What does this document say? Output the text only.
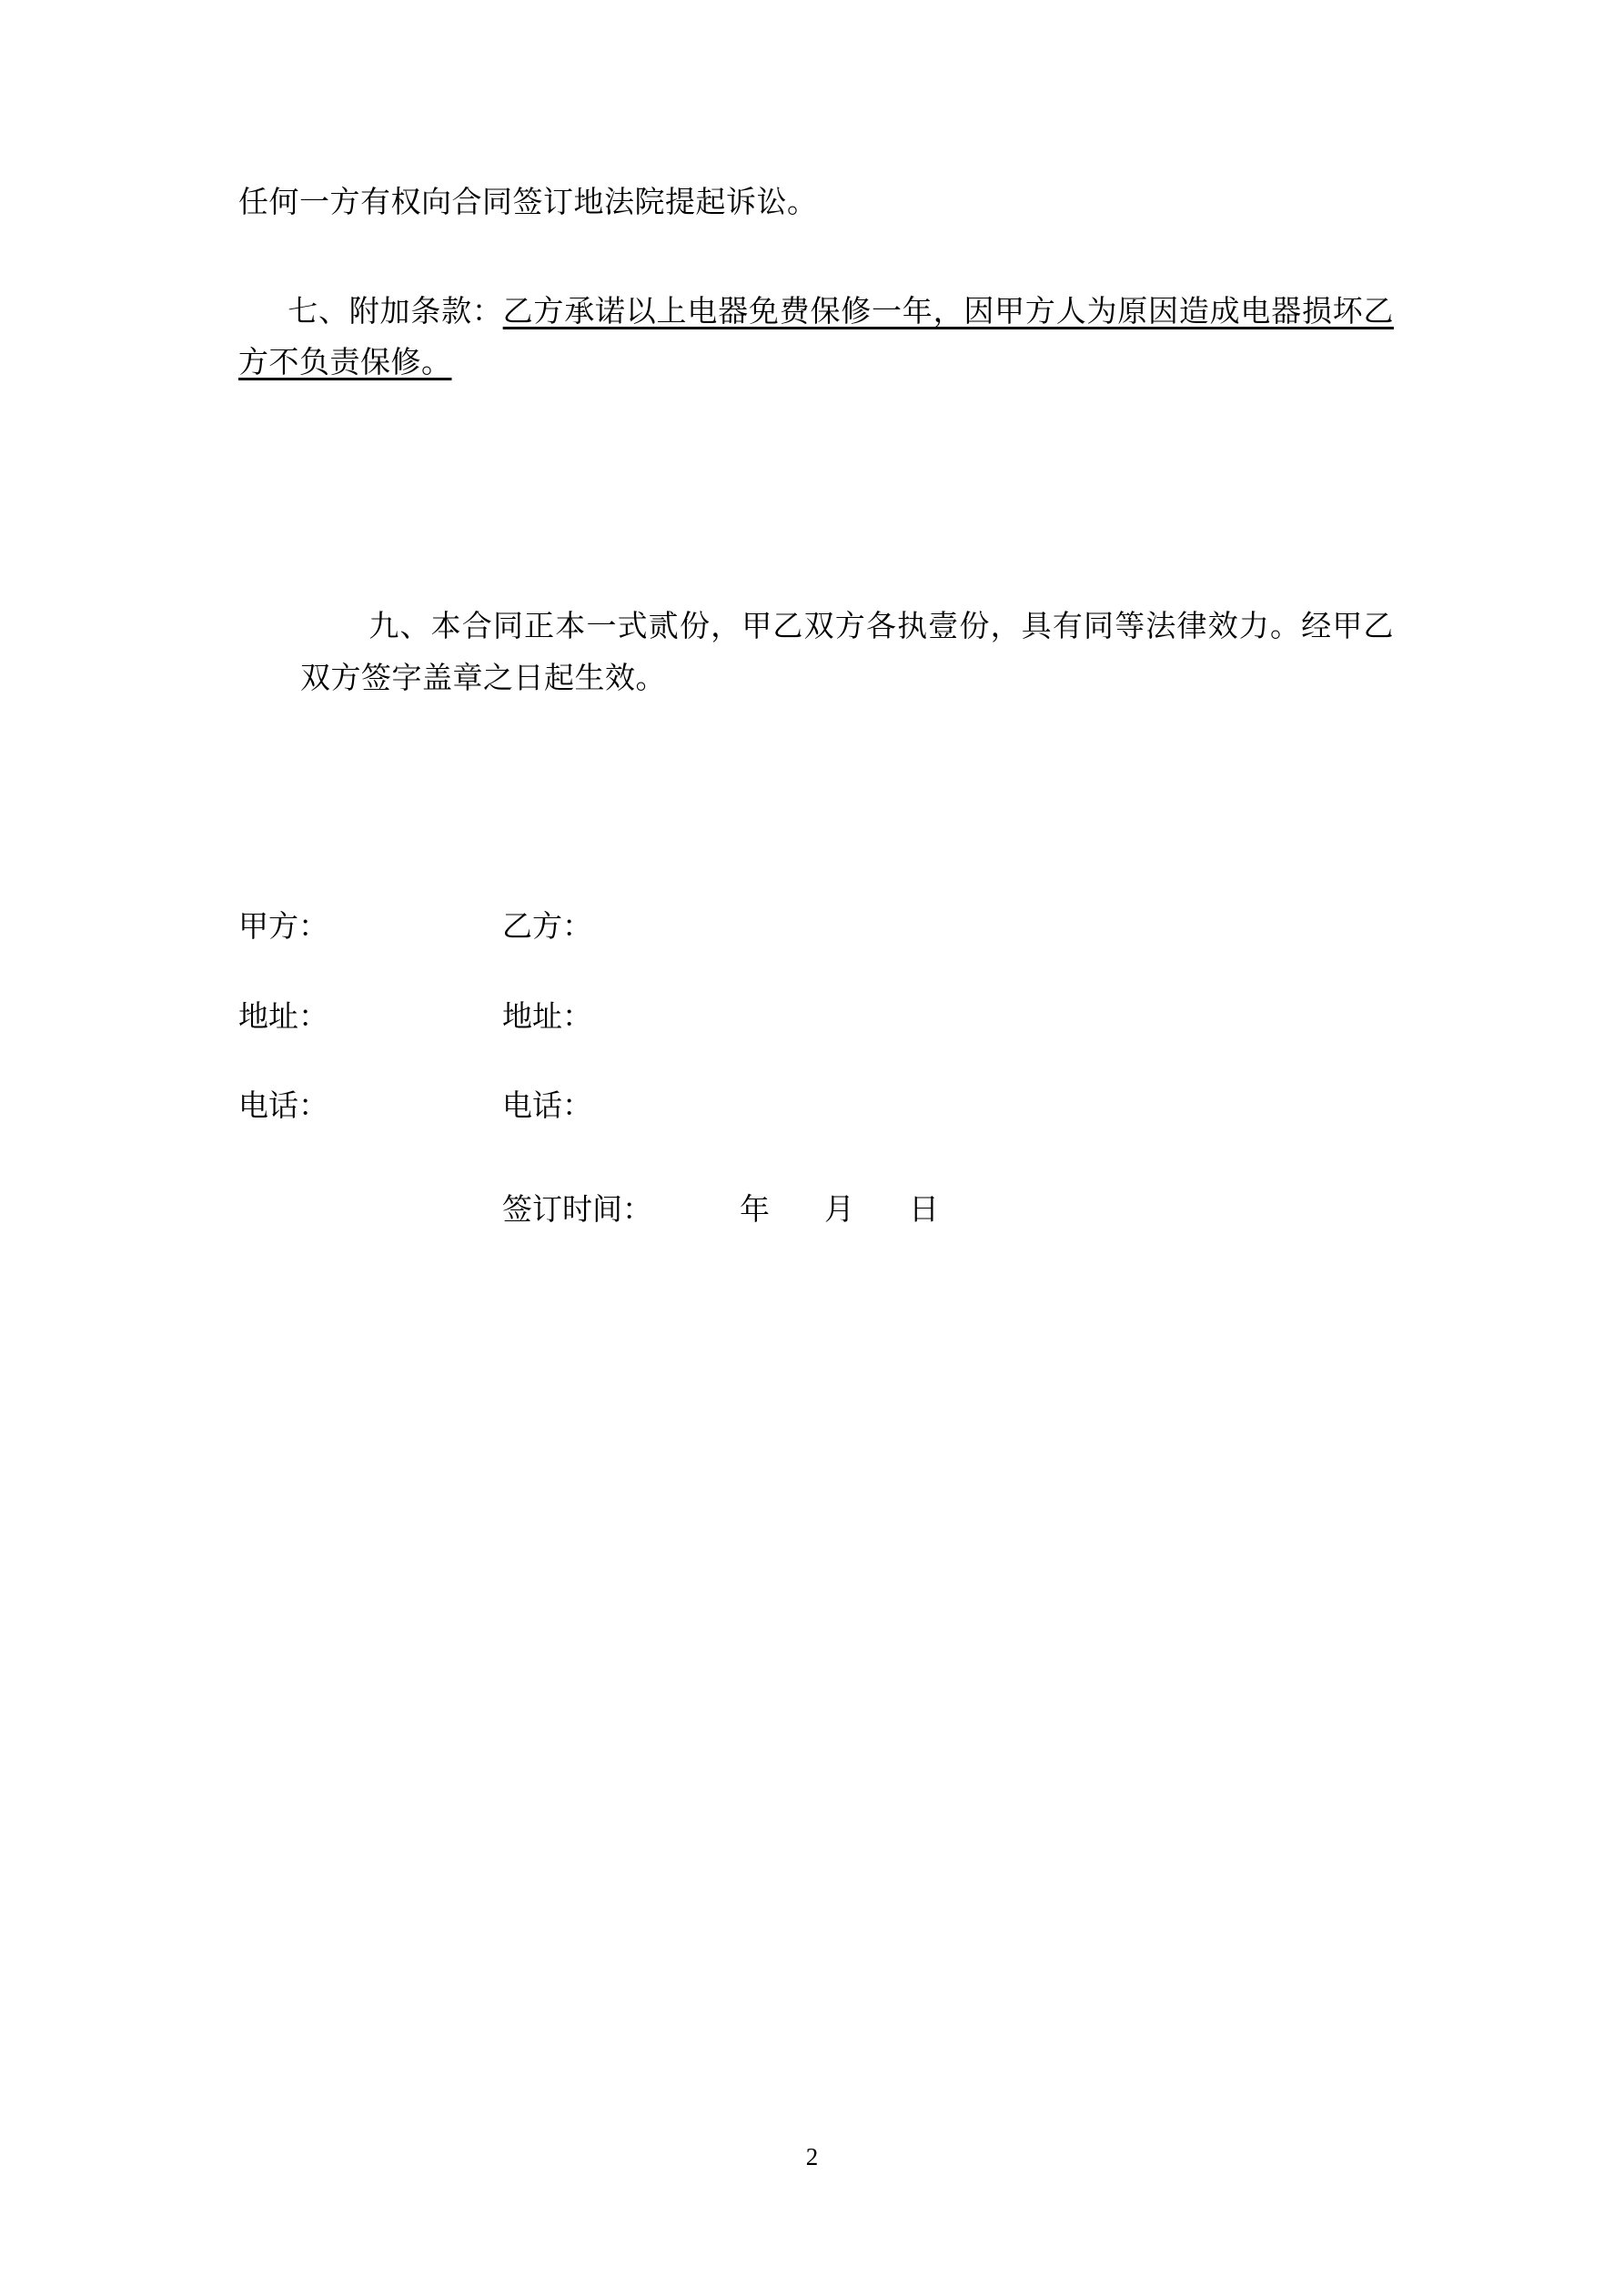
任何一方有权向合同签订地法院提起诉讼。

七、附加条款：乙方承诺以上电器免费保修一年，因甲方人为原因造成电器损坏乙方不负责保修。

九、本合同正本一式贰份，甲乙双方各执壹份，具有同等法律效力。经甲乙双方签字盖章之日起生效。

甲方：	乙方：
地址：	地址：
电话：	电话：
签订时间：	年 月 日
2
